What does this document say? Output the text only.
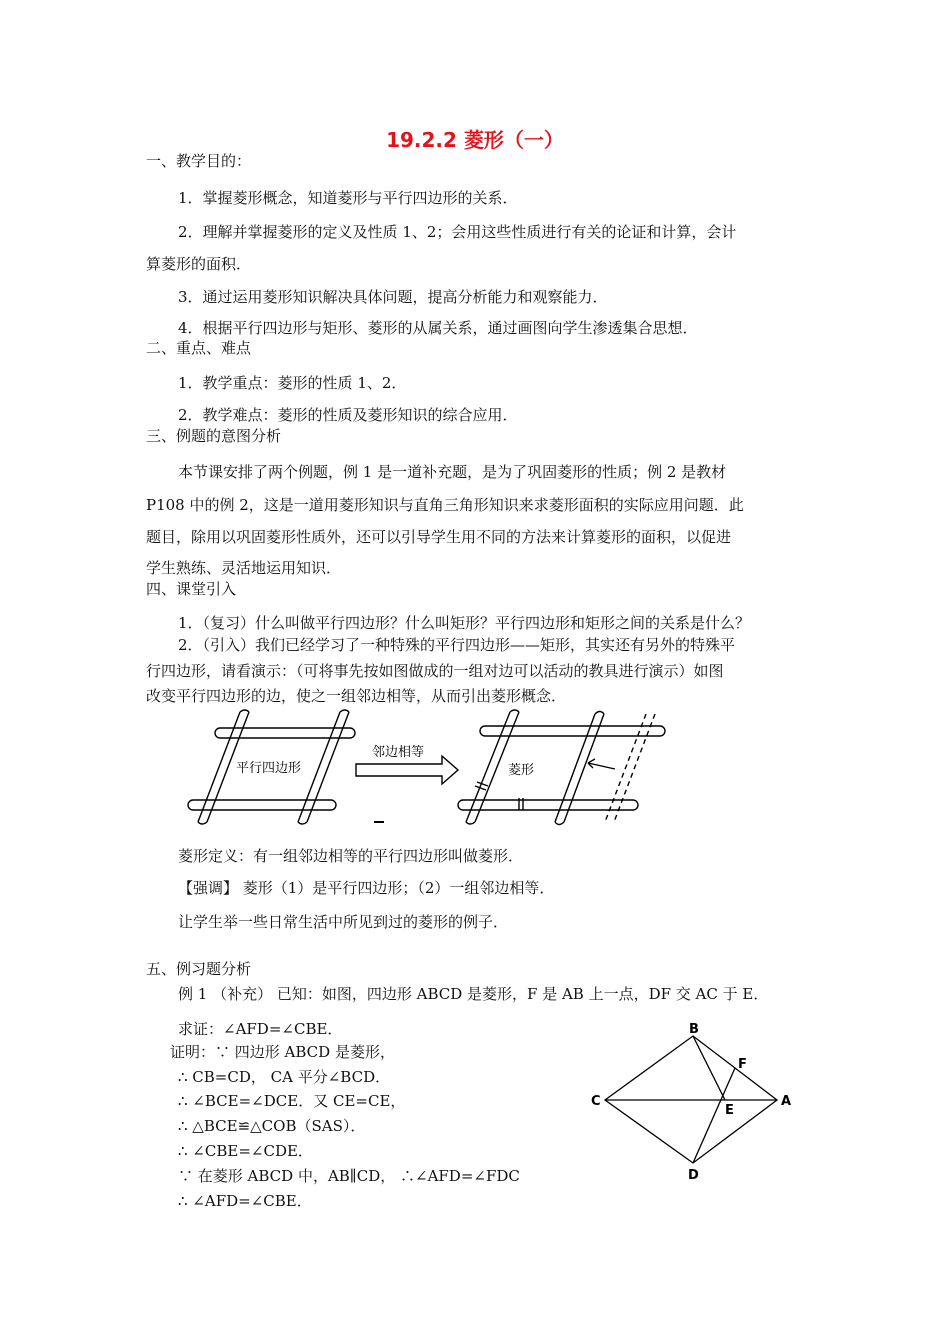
19.2.2 菱形（一）
一、教学目的：
1．掌握菱形概念，知道菱形与平行四边形的关系．
2．理解并掌握菱形的定义及性质 1、2；会用这些性质进行有关的论证和计算，会计
算菱形的面积．
3．通过运用菱形知识解决具体问题，提高分析能力和观察能力．
4．根据平行四边形与矩形、菱形的从属关系，通过画图向学生渗透集合思想．
二、重点、难点
1．教学重点：菱形的性质 1、2．
2．教学难点：菱形的性质及菱形知识的综合应用．
三、例题的意图分析
本节课安排了两个例题，例 1 是一道补充题，是为了巩固菱形的性质；例 2 是教材
P108 中的例 2，这是一道用菱形知识与直角三角形知识来求菱形面积的实际应用问题．此
题目，除用以巩固菱形性质外，还可以引导学生用不同的方法来计算菱形的面积，以促进
学生熟练、灵活地运用知识．
四、课堂引入
1．（复习）什么叫做平行四边形？什么叫矩形？平行四边形和矩形之间的关系是什么？
2．（引入）我们已经学习了一种特殊的平行四边形——矩形，其实还有另外的特殊平
行四边形，请看演示：（可将事先按如图做成的一组对边可以活动的教具进行演示）如图
改变平行四边形的边，使之一组邻边相等，从而引出菱形概念．
平行四边形
邻边相等
菱形
菱形定义：有一组邻边相等的平行四边形叫做菱形．
【强调】 菱形（1）是平行四边形；（2）一组邻边相等．
让学生举一些日常生活中所见到过的菱形的例子．
五、例习题分析
例 1 （补充） 已知：如图，四边形 ABCD 是菱形，F 是 AB 上一点，DF 交 AC 于 E．
求证：∠AFD=∠CBE．
证明：∵ 四边形 ABCD 是菱形，
∴ CB=CD， CA 平分∠BCD．
∴ ∠BCE=∠DCE．又 CE=CE，
∴ △BCE≌△COB（SAS）．
∴ ∠CBE=∠CDE．
∵ 在菱形 ABCD 中，AB∥CD， ∴∠AFD=∠FDC
∴ ∠AFD=∠CBE．
B
F
C
E
A
D
